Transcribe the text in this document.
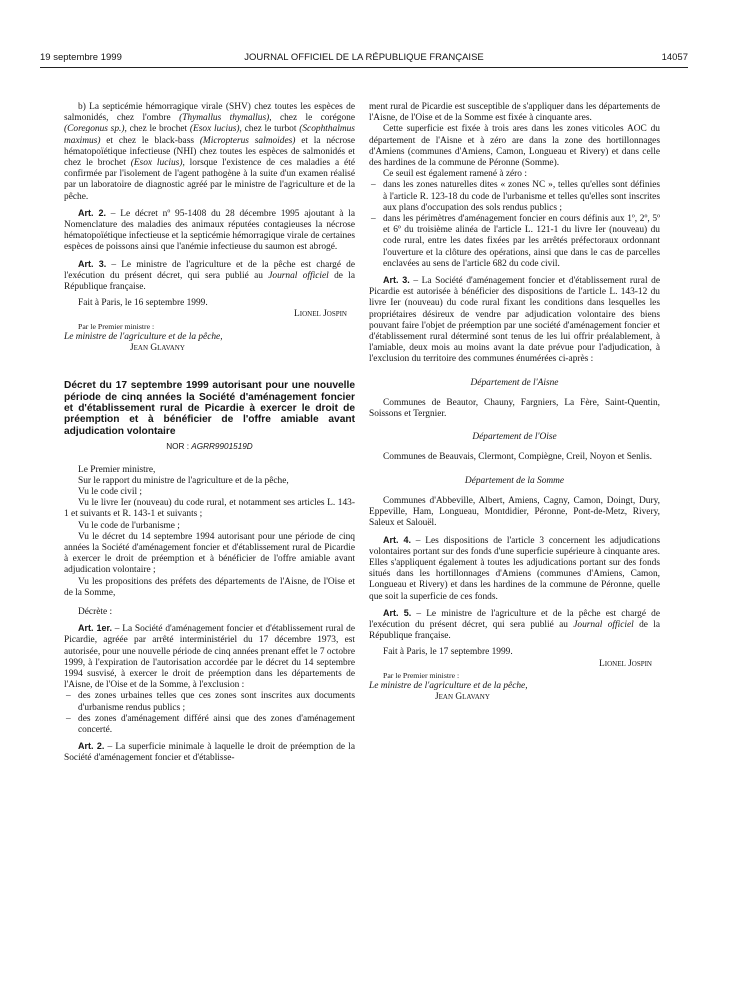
19 septembre 1999	JOURNAL OFFICIEL DE LA RÉPUBLIQUE FRANÇAISE	14057

b) La septicémie hémorragique virale (SHV) chez toutes les espèces de salmonidés, chez l'ombre (Thymallus thymallus), chez le corégone (Coregonus sp.), chez le brochet (Esox lucius), chez le turbot (Scophthalmus maximus) et chez le black-bass (Micropterus salmoides) et la nécrose hématopoïétique infectieuse (NHI) chez toutes les espèces de salmonidés et chez le brochet (Esox lucius), lorsque l'existence de ces maladies a été confirmée par l'isolement de l'agent pathogène à la suite d'un examen réalisé par un laboratoire de diagnostic agréé par le ministre de l'agriculture et de la pêche.

Art. 2. – Le décret nº 95-1408 du 28 décembre 1995 ajoutant à la Nomenclature des maladies des animaux réputées contagieuses la nécrose hématopoïétique infectieuse et la septicémie hémorragique virale de certaines espèces de poissons ainsi que l'anémie infectieuse du saumon est abrogé.

Art. 3. – Le ministre de l'agriculture et de la pêche est chargé de l'exécution du présent décret, qui sera publié au Journal officiel de la République française.

Fait à Paris, le 16 septembre 1999.

Lionel Jospin

Par le Premier ministre :

Le ministre de l'agriculture et de la pêche,

Jean Glavany

Décret du 17 septembre 1999 autorisant pour une nouvelle période de cinq années la Société d'aménagement foncier et d'établissement rural de Picardie à exercer le droit de préemption et à bénéficier de l'offre amiable avant adjudication volontaire

NOR : AGRR9901519D

Le Premier ministre,

Sur le rapport du ministre de l'agriculture et de la pêche,

Vu le code civil ;

Vu le livre Ier (nouveau) du code rural, et notamment ses articles L. 143-1 et suivants et R. 143-1 et suivants ;

Vu le code de l'urbanisme ;

Vu le décret du 14 septembre 1994 autorisant pour une période de cinq années la Société d'aménagement foncier et d'établissement rural de Picardie à exercer le droit de préemption et à bénéficier de l'offre amiable avant adjudication volontaire ;

Vu les propositions des préfets des départements de l'Aisne, de l'Oise et de la Somme,

Décrète :

Art. 1er. – La Société d'aménagement foncier et d'établissement rural de Picardie, agréée par arrêté interministériel du 17 décembre 1973, est autorisée, pour une nouvelle période de cinq années prenant effet le 7 octobre 1999, à l'expiration de l'autorisation accordée par le décret du 14 septembre 1994 susvisé, à exercer le droit de préemption dans les départements de l'Aisne, de l'Oise et de la Somme, à l'exclusion :

– des zones urbaines telles que ces zones sont inscrites aux documents d'urbanisme rendus publics ;
– des zones d'aménagement différé ainsi que des zones d'aménagement concerté.

Art. 2. – La superficie minimale à laquelle le droit de préemption de la Société d'aménagement foncier et d'établisse-

ment rural de Picardie est susceptible de s'appliquer dans les départements de l'Aisne, de l'Oise et de la Somme est fixée à cinquante ares.

Cette superficie est fixée à trois ares dans les zones viticoles AOC du département de l'Aisne et à zéro are dans la zone des hortillonnages d'Amiens (communes d'Amiens, Camon, Longueau et Rivery) et dans celle des hardines de la commune de Péronne (Somme).

Ce seuil est également ramené à zéro :

– dans les zones naturelles dites « zones NC », telles qu'elles sont définies à l'article R. 123-18 du code de l'urbanisme et telles qu'elles sont inscrites aux plans d'occupation des sols rendus publics ;
– dans les périmètres d'aménagement foncier en cours définis aux 1º, 2º, 5º et 6º du troisième alinéa de l'article L. 121-1 du livre Ier (nouveau) du code rural, entre les dates fixées par les arrêtés préfectoraux ordonnant l'ouverture et la clôture des opérations, ainsi que dans le cas de parcelles enclavées au sens de l'article 682 du code civil.

Art. 3. – La Société d'aménagement foncier et d'établissement rural de Picardie est autorisée à bénéficier des dispositions de l'article L. 143-12 du livre Ier (nouveau) du code rural fixant les conditions dans lesquelles les propriétaires désireux de vendre par adjudication volontaire des biens pouvant faire l'objet de préemption par une société d'aménagement foncier et d'établissement rural déterminé sont tenus de les lui offrir préalablement, à l'amiable, deux mois au moins avant la date prévue pour l'adjudication, à l'exclusion du territoire des communes énumérées ci-après :

Département de l'Aisne

Communes de Beautor, Chauny, Fargniers, La Fère, Saint-Quentin, Soissons et Tergnier.

Département de l'Oise

Communes de Beauvais, Clermont, Compiègne, Creil, Noyon et Senlis.

Département de la Somme

Communes d'Abbeville, Albert, Amiens, Cagny, Camon, Doingt, Dury, Eppeville, Ham, Longueau, Montdidier, Péronne, Pont-de-Metz, Rivery, Saleux et Salouël.

Art. 4. – Les dispositions de l'article 3 concernent les adjudications volontaires portant sur des fonds d'une superficie supérieure à cinquante ares. Elles s'appliquent également à toutes les adjudications portant sur des fonds situés dans les hortillonnages d'Amiens (communes d'Amiens, Camon, Longueau et Rivery) et dans les hardines de la commune de Péronne, quelle que soit la superficie de ces fonds.

Art. 5. – Le ministre de l'agriculture et de la pêche est chargé de l'exécution du présent décret, qui sera publié au Journal officiel de la République française.

Fait à Paris, le 17 septembre 1999.

Lionel Jospin

Par le Premier ministre :

Le ministre de l'agriculture et de la pêche,

Jean Glavany
